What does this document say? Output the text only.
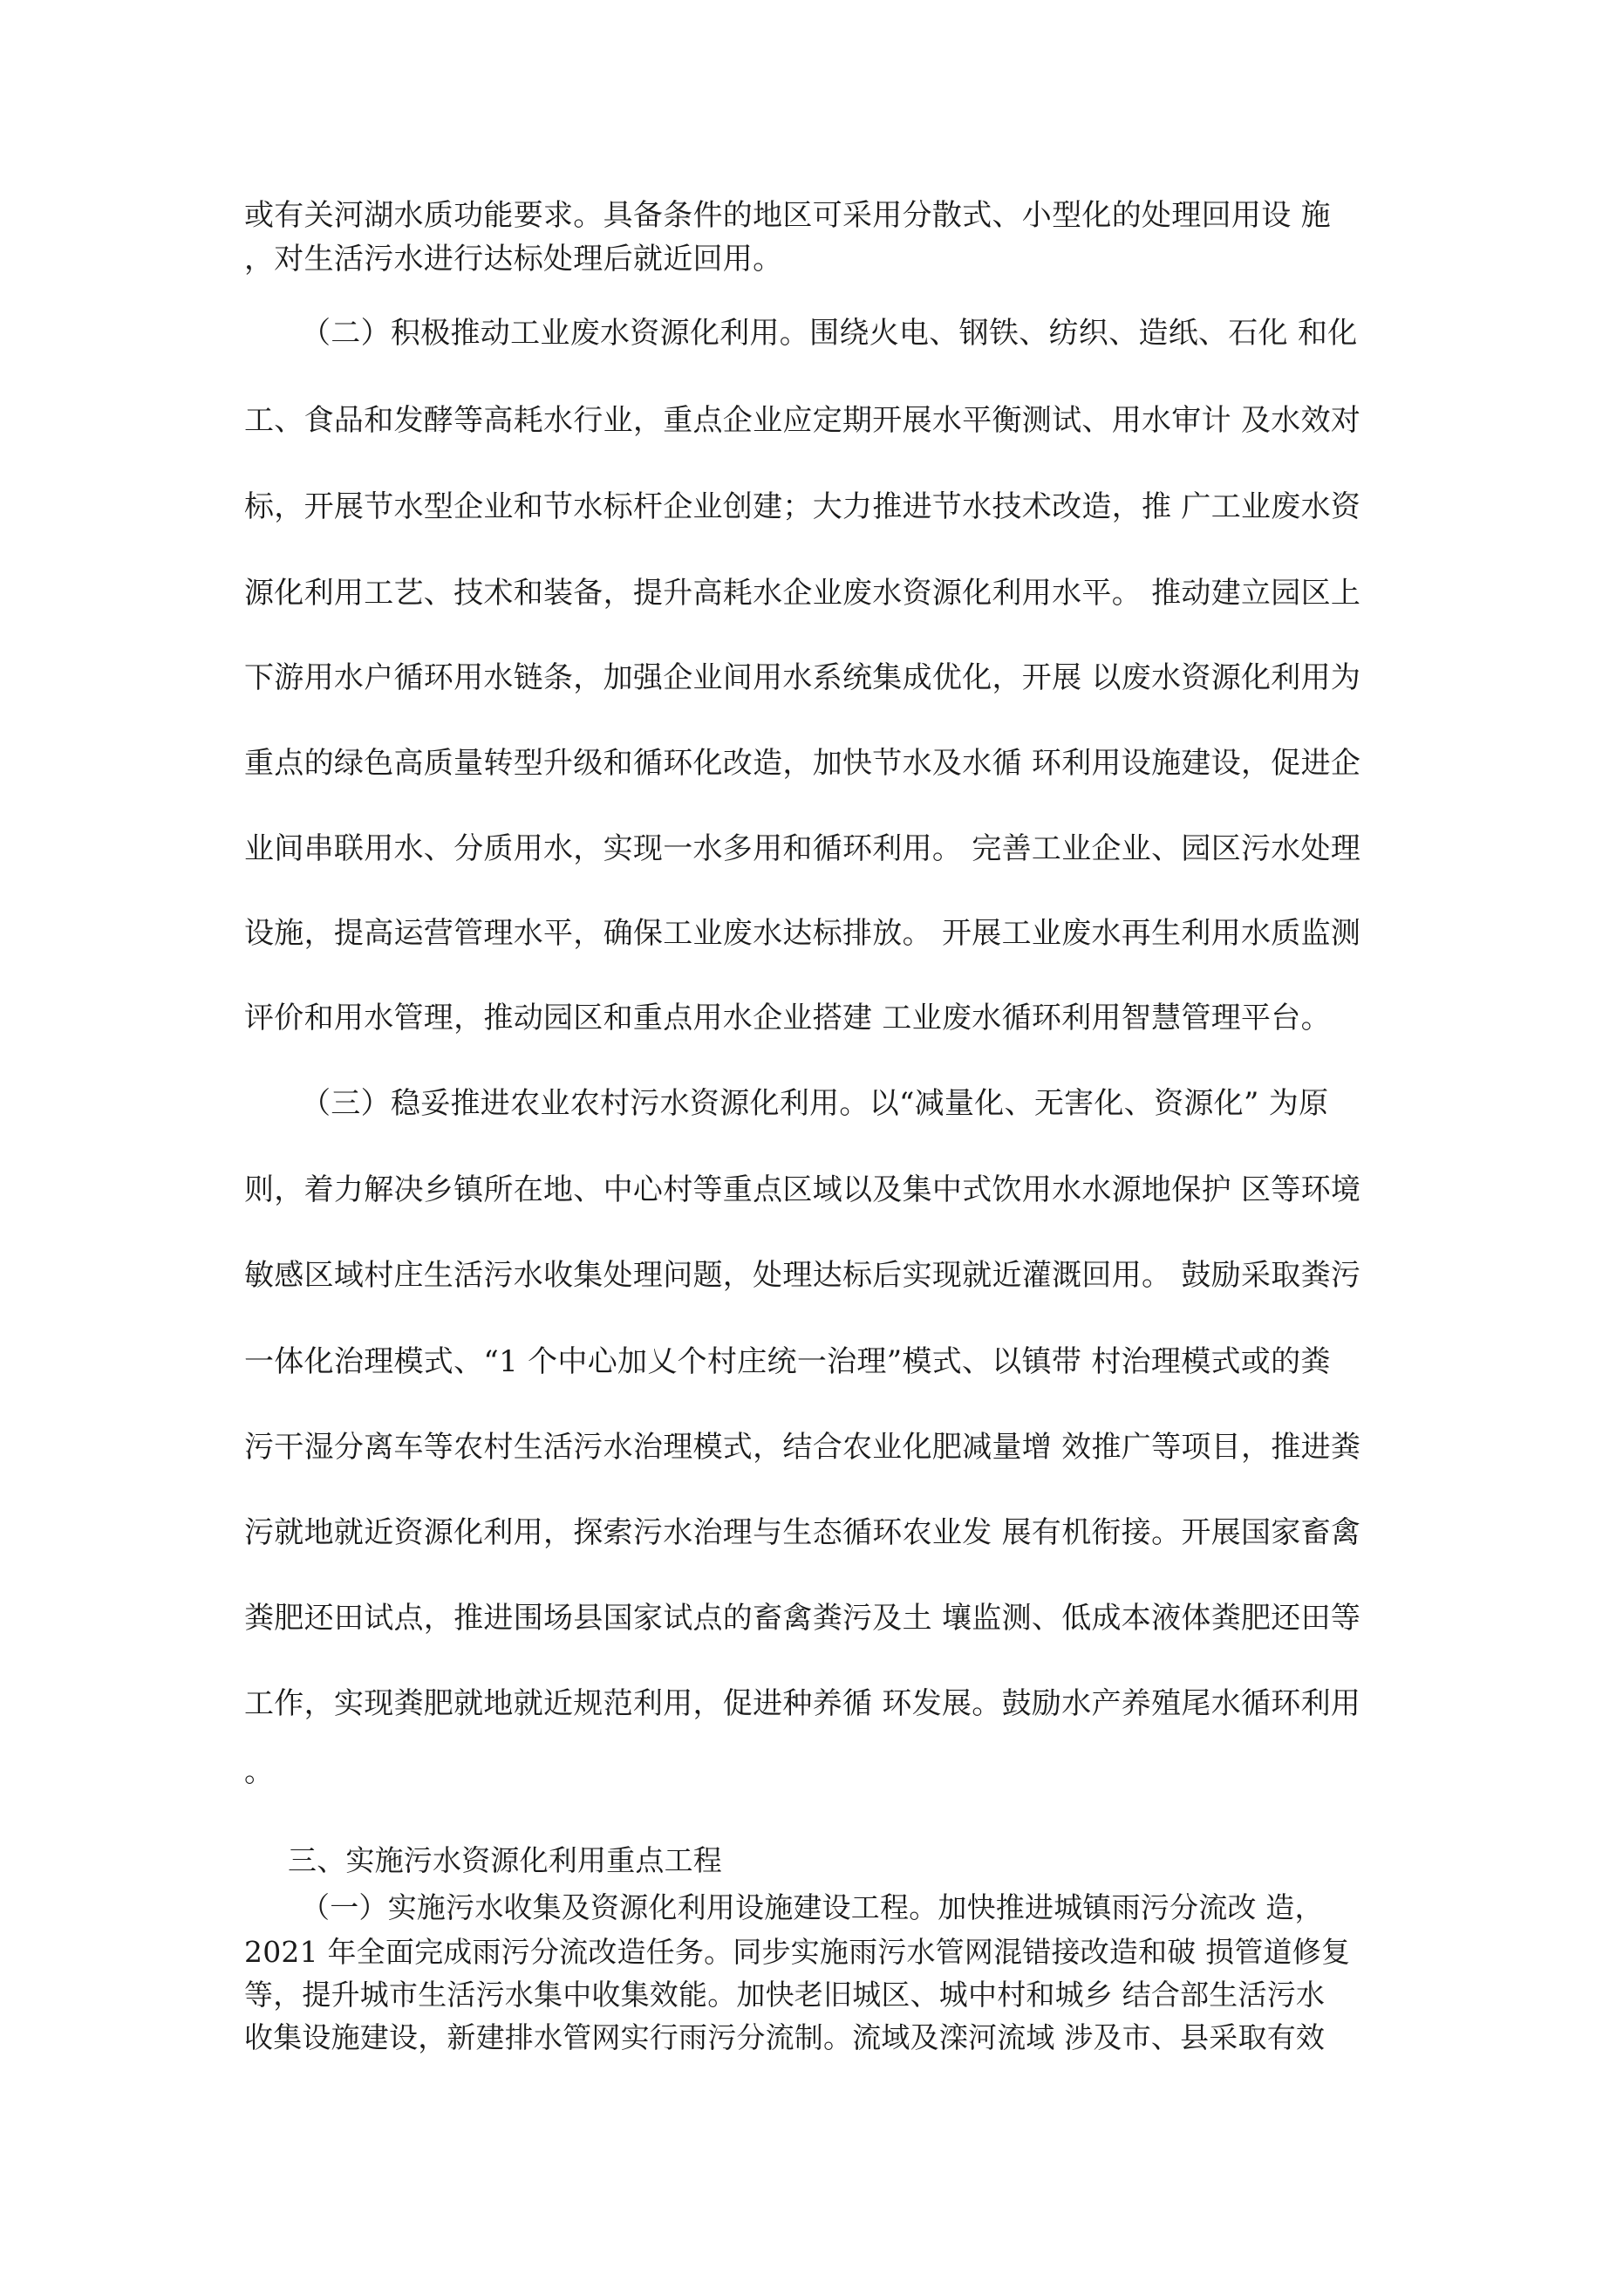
或有关河湖水质功能要求。具备条件的地区可采用分散式、小型化的处理回用设 施
，对生活污水进行达标处理后就近回用。
（二）积极推动工业废水资源化利用。围绕火电、钢铁、纺织、造纸、石化 和化
工、食品和发酵等高耗水行业，重点企业应定期开展水平衡测试、用水审计 及水效对
标，开展节水型企业和节水标杆企业创建；大力推进节水技术改造，推 广工业废水资
源化利用工艺、技术和装备，提升高耗水企业废水资源化利用水平。 推动建立园区上
下游用水户循环用水链条，加强企业间用水系统集成优化，开展 以废水资源化利用为
重点的绿色高质量转型升级和循环化改造，加快节水及水循 环利用设施建设，促进企
业间串联用水、分质用水，实现一水多用和循环利用。 完善工业企业、园区污水处理
设施，提高运营管理水平，确保工业废水达标排放。 开展工业废水再生利用水质监测
评价和用水管理，推动园区和重点用水企业搭建 工业废水循环利用智慧管理平台。
（三）稳妥推进农业农村污水资源化利用。以“减量化、无害化、资源化” 为原
则，着力解决乡镇所在地、中心村等重点区域以及集中式饮用水水源地保护 区等环境
敏感区域村庄生活污水收集处理问题，处理达标后实现就近灌溉回用。 鼓励采取粪污
一体化治理模式、“1 个中心加乂个村庄统一治理”模式、以镇带 村治理模式或的粪
污干湿分离车等农村生活污水治理模式，结合农业化肥减量增 效推广等项目，推进粪
污就地就近资源化利用，探索污水治理与生态循环农业发 展有机衔接。开展国家畜禽
粪肥还田试点，推进围场县国家试点的畜禽粪污及土 壤监测、低成本液体粪肥还田等
工作，实现粪肥就地就近规范利用，促进种养循 环发展。鼓励水产养殖尾水循环利用
。
三、实施污水资源化利用重点工程
（一）实施污水收集及资源化利用设施建设工程。加快推进城镇雨污分流改 造，
2021 年全面完成雨污分流改造任务。同步实施雨污水管网混错接改造和破 损管道修复
等，提升城市生活污水集中收集效能。加快老旧城区、城中村和城乡 结合部生活污水
收集设施建设，新建排水管网实行雨污分流制。流域及滦河流域 涉及市、县采取有效
